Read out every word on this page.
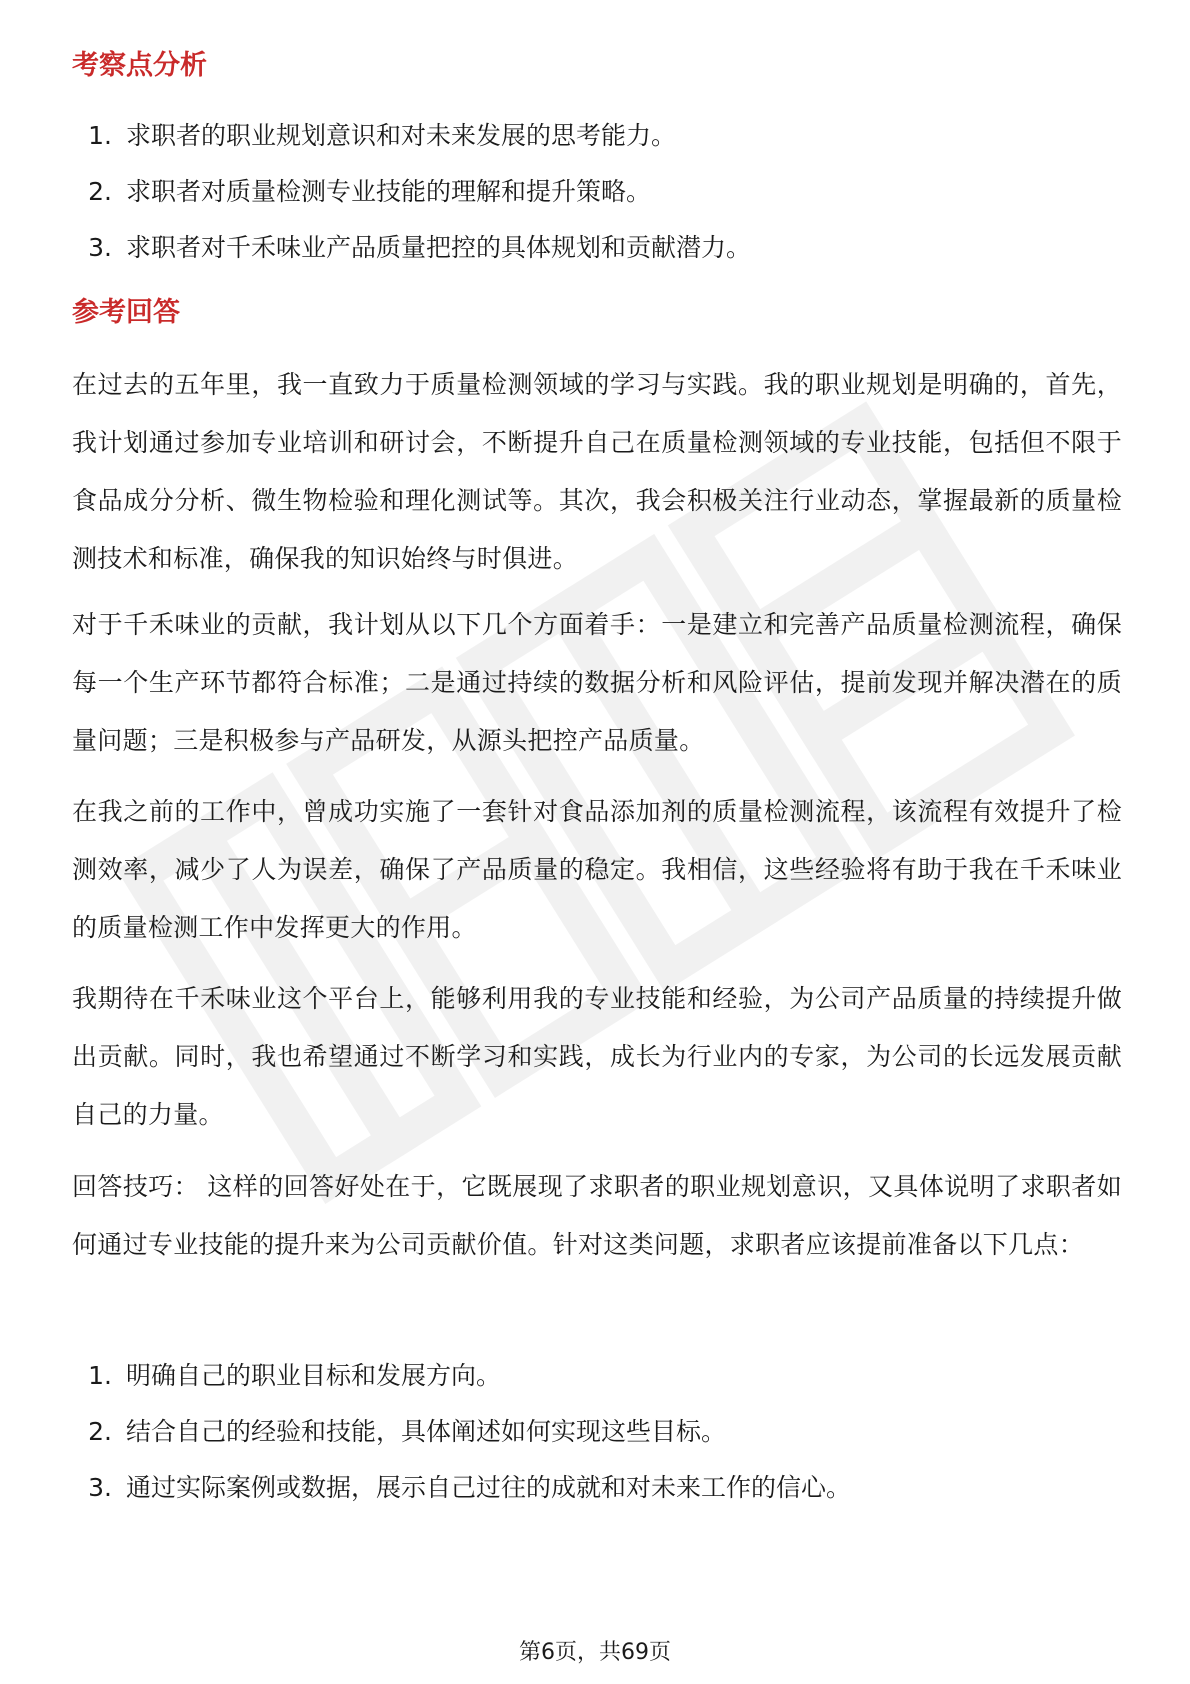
考察点分析
1. 求职者的职业规划意识和对未来发展的思考能力。
2. 求职者对质量检测专业技能的理解和提升策略。
3. 求职者对千禾味业产品质量把控的具体规划和贡献潜力。
参考回答

在过去的五年里，我一直致力于质量检测领域的学习与实践。我的职业规划是明确的，首先，我计划通过参加专业培训和研讨会，不断提升自己在质量检测领域的专业技能，包括但不限于食品成分分析、微生物检验和理化测试等。其次，我会积极关注行业动态，掌握最新的质量检测技术和标准，确保我的知识始终与时俱进。

对于千禾味业的贡献，我计划从以下几个方面着手：一是建立和完善产品质量检测流程，确保每一个生产环节都符合标准；二是通过持续的数据分析和风险评估，提前发现并解决潜在的质量问题；三是积极参与产品研发，从源头把控产品质量。

在我之前的工作中，曾成功实施了一套针对食品添加剂的质量检测流程，该流程有效提升了检测效率，减少了人为误差，确保了产品质量的稳定。我相信，这些经验将有助于我在千禾味业的质量检测工作中发挥更大的作用。

我期待在千禾味业这个平台上，能够利用我的专业技能和经验，为公司产品质量的持续提升做出贡献。同时，我也希望通过不断学习和实践，成长为行业内的专家，为公司的长远发展贡献自己的力量。

回答技巧： 这样的回答好处在于，它既展现了求职者的职业规划意识，又具体说明了求职者如何通过专业技能的提升来为公司贡献价值。针对这类问题，求职者应该提前准备以下几点：

1. 明确自己的职业目标和发展方向。
2. 结合自己的经验和技能，具体阐述如何实现这些目标。
3. 通过实际案例或数据，展示自己过往的成就和对未来工作的信心。
第6页，共69页
